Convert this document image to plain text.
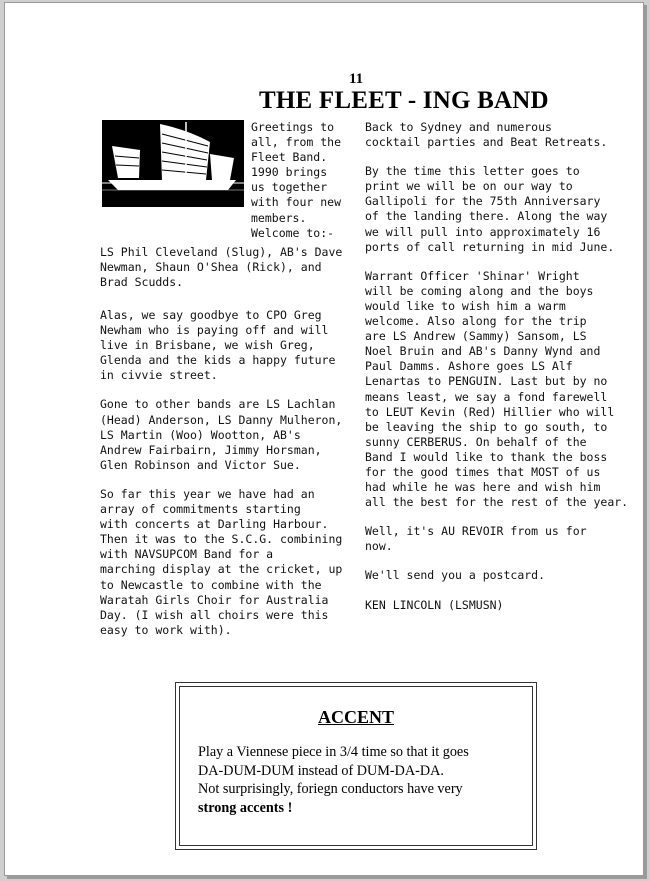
11
THE FLEET - ING BAND
Greetings to
all, from the
Fleet Band.
1990 brings
us together
with four new
members.
Welcome to:-
LS Phil Cleveland (Slug), AB's Dave
Newman, Shaun O'Shea (Rick), and
Brad Scudds.
Alas, we say goodbye to CPO Greg
Newham who is paying off and will
live in Brisbane, we wish Greg,
Glenda and the kids a happy future
in civvie street.
Gone to other bands are LS Lachlan
(Head) Anderson, LS Danny Mulheron,
LS Martin (Woo) Wootton, AB's
Andrew Fairbairn, Jimmy Horsman,
Glen Robinson and Victor Sue.
So far this year we have had an
array of commitments starting
with concerts at Darling Harbour.
Then it was to the S.C.G. combining
with NAVSUPCOM Band for a
marching display at the cricket, up
to Newcastle to combine with the
Waratah Girls Choir for Australia
Day. (I wish all choirs were this
easy to work with).
Back to Sydney and numerous
cocktail parties and Beat Retreats.
By the time this letter goes to
print we will be on our way to
Gallipoli for the 75th Anniversary
of the landing there. Along the way
we will pull into approximately 16
ports of call returning in mid June.
Warrant Officer 'Shinar' Wright
will be coming along and the boys
would like to wish him a warm
welcome. Also along for the trip
are LS Andrew (Sammy) Sansom, LS
Noel Bruin and AB's Danny Wynd and
Paul Damms. Ashore goes LS Alf
Lenartas to PENGUIN. Last but by no
means least, we say a fond farewell
to LEUT Kevin (Red) Hillier who will
be leaving the ship to go south, to
sunny CERBERUS. On behalf of the
Band I would like to thank the boss
for the good times that MOST of us
had while he was here and wish him
all the best for the rest of the year.
Well, it's AU REVOIR from us for
now.
We'll send you a postcard.
KEN LINCOLN (LSMUSN)
ACCENT
Play a Viennese piece in 3/4 time so that it goes
DA-DUM-DUM instead of DUM-DA-DA.
Not surprisingly, foriegn conductors have very
strong accents !
